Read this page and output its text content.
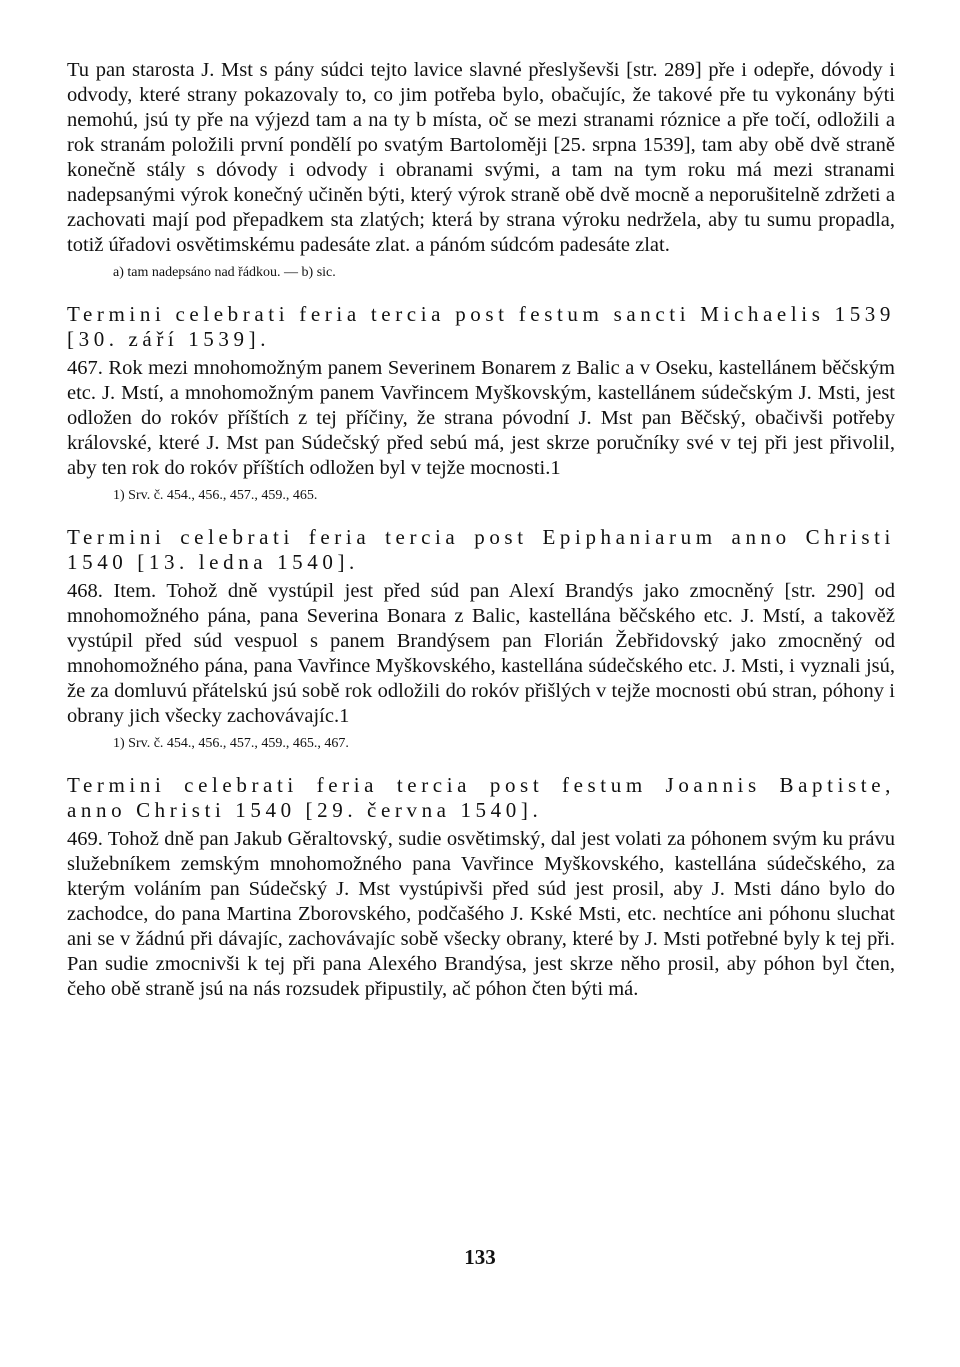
Tu pan starosta J. Mst s pány súdci tejto lavice slavné přeslyševši [str. 289] pře i odepře, dóvody i odvody, které strany pokazovaly to, co jim potřeba bylo, obačujíc, že takové pře tu vykonány býti nemohú, jsú ty pře na výjezd tam a na ty b místa, oč se mezi stranami róznice a pře točí, odložili a rok stranám položili první pondělí po svatým Bartoloměji [25. srpna 1539], tam aby obě dvě straně konečně stály s dóvody i odvody i obranami svými, a tam na tym roku má mezi stranami nadepsanými výrok konečný učiněn býti, který výrok straně obě dvě mocně a neporušitelně zdržeti a zachovati mají pod přepadkem sta zlatých; která by strana výroku nedržela, aby tu sumu propadla, totiž úřadovi osvětimskému padesáte zlat. a pánóm súdcóm padesáte zlat.

a) tam nadepsáno nad řádkou. — b) sic.
Termini celebrati feria tercia post festum sancti Michaelis 1539 [30. září 1539].

467. Rok mezi mnohomožným panem Severinem Bonarem z Balic a v Oseku, kastellánem běčským etc. J. Mstí, a mnohomožným panem Vavřincem Myškovským, kastellánem súdečským J. Msti, jest odložen do rokóv příštích z tej příčiny, že strana póvodní J. Mst pan Běčský, obačivši potřeby královské, které J. Mst pan Súdečský před sebú má, jest skrze poručníky své v tej při jest přivolil, aby ten rok do rokóv příštích odložen byl v tejže mocnosti.1

1) Srv. č. 454., 456., 457., 459., 465.
Termini celebrati feria tercia post Epiphaniarum anno Christi 1540 [13. ledna 1540].

468. Item. Tohož dně vystúpil jest před súd pan Alexí Brandýs jako zmocněný [str. 290] od mnohomožného pána, pana Severina Bonara z Balic, kastellána běčského etc. J. Mstí, a takověž vystúpil před súd vespuol s panem Brandýsem pan Florián Žebřidovský jako zmocněný od mnohomožného pána, pana Vavřince Myškovského, kastellána súdečského etc. J. Msti, i vyznali jsú, že za domluvú přátelskú jsú sobě rok odložili do rokóv přišlých v tejže mocnosti obú stran, póhony i obrany jich všecky zachovávajíc.1

1) Srv. č. 454., 456., 457., 459., 465., 467.
Termini celebrati feria tercia post festum Joannis Baptiste, anno Christi 1540 [29. června 1540].

469. Tohož dně pan Jakub Gěraltovský, sudie osvětimský, dal jest volati za póhonem svým ku právu služebníkem zemským mnohomožného pana Vavřince Myškovského, kastellána súdečského, za kterým voláním pan Súdečský J. Mst vystúpivši před súd jest prosil, aby J. Msti dáno bylo do zachodce, do pana Martina Zborovského, podčašého J. Kské Msti, etc. nechtíce ani póhonu sluchat ani se v žádnú při dávajíc, zachovávajíc sobě všecky obrany, které by J. Msti potřebné byly k tej při. Pan sudie zmocnivši k tej při pana Alexého Brandýsa, jest skrze něho prosil, aby póhon byl čten, čeho obě straně jsú na nás rozsudek připustily, ač póhon čten býti má.

133
